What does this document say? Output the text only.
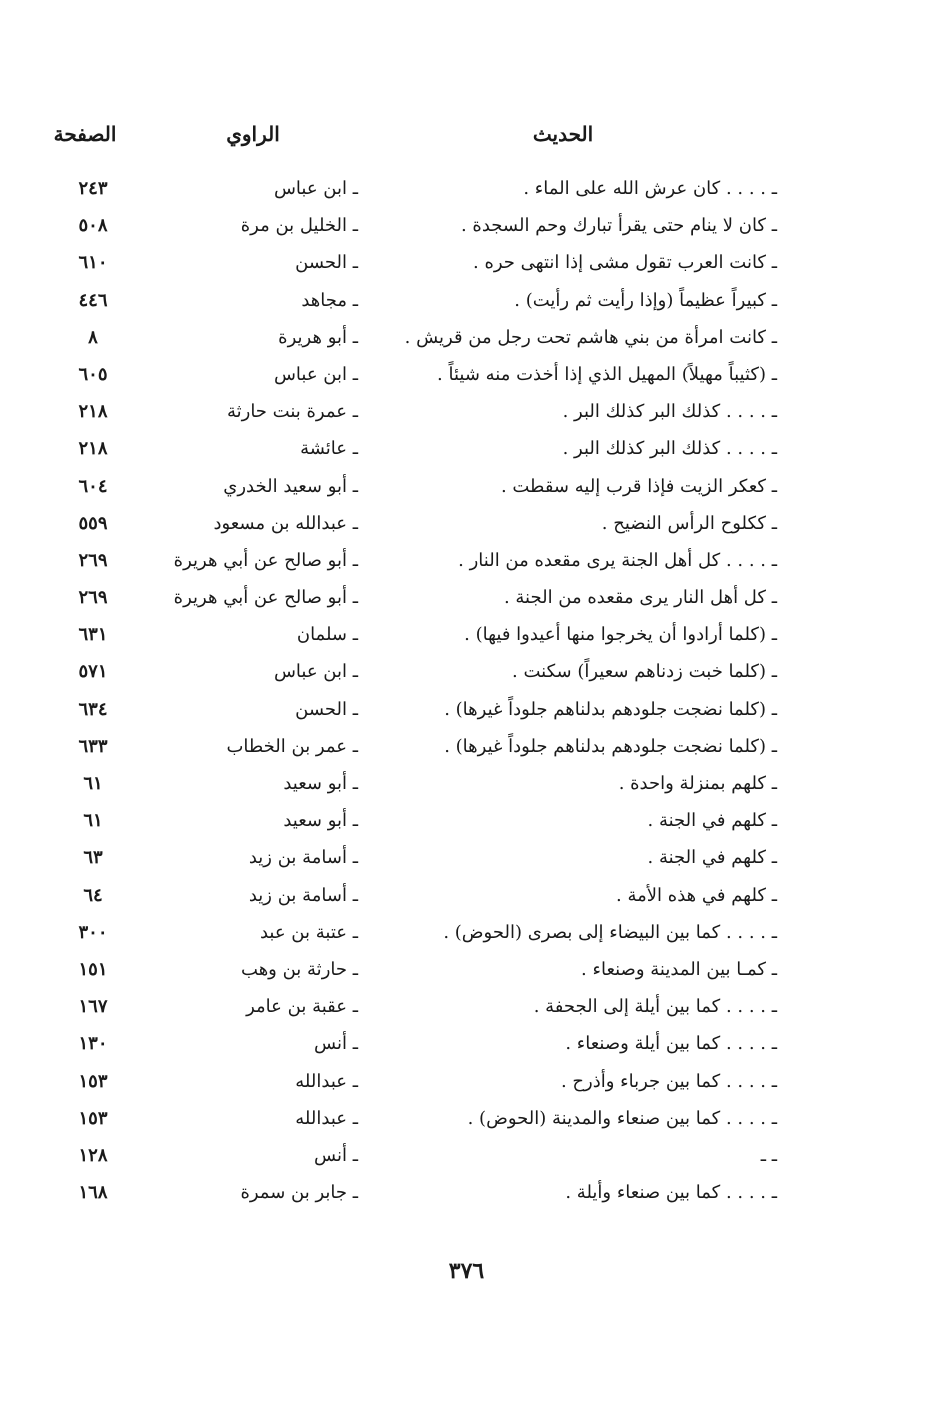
الحديث
الراوي
الصفحة
ـ . . . . كان عرش الله على الماء .
ـ ابن عباس
٢٤٣
ـ كان لا ينام حتى يقرأ تبارك وحم السجدة .
ـ الخليل بن مرة
٥٠٨
ـ كانت العرب تقول مشى إذا انتهى حره .
ـ الحسن
٦١٠
ـ كبيراً عظيماً (وإذا رأيت ثم رأيت) .
ـ مجاهد
٤٤٦
ـ كانت امرأة من بني هاشم تحت رجل من قريش .
ـ أبو هريرة
٨
ـ (كثيباً مهيلاً) المهيل الذي إذا أخذت منه شيئاً .
ـ ابن عباس
٦٠٥
ـ . . . . كذلك البر كذلك البر .
ـ عمرة بنت حارثة
٢١٨
ـ . . . . كذلك البر كذلك البر .
ـ عائشة
٢١٨
ـ كعكر الزيت فإذا قرب إليه سقطت .
ـ أبو سعيد الخدري
٦٠٤
ـ ككلوح الرأس النضيح .
ـ عبدالله بن مسعود
٥٥٩
ـ . . . . كل أهل الجنة يرى مقعده من النار .
ـ أبو صالح عن أبي هريرة
٢٦٩
ـ كل أهل النار يرى مقعده من الجنة .
ـ أبو صالح عن أبي هريرة
٢٦٩
ـ (كلما أرادوا أن يخرجوا منها أعيدوا فيها) .
ـ سلمان
٦٣١
ـ (كلما خبت زدناهم سعيراً) سكنت .
ـ ابن عباس
٥٧١
ـ (كلما نضجت جلودهم بدلناهم جلوداً غيرها) .
ـ الحسن
٦٣٤
ـ (كلما نضجت جلودهم بدلناهم جلوداً غيرها) .
ـ عمر بن الخطاب
٦٣٣
ـ كلهم بمنزلة واحدة .
ـ أبو سعيد
٦١
ـ كلهم في الجنة .
ـ أبو سعيد
٦١
ـ كلهم في الجنة .
ـ أسامة بن زيد
٦٣
ـ كلهم في هذه الأمة .
ـ أسامة بن زيد
٦٤
ـ . . . . كما بين البيضاء إلى بصرى (الحوض) .
ـ عتبة بن عبد
٣٠٠
ـ كمـا بين المدينة وصنعاء .
ـ حارثة بن وهب
١٥١
ـ . . . . كما بين أيلة إلى الجحفة .
ـ عقبة بن عامر
١٦٧
ـ . . . . كما بين أيلة وصنعاء .
ـ أنس
١٣٠
ـ . . . . كما بين جرباء وأذرح .
ـ عبدالله
١٥٣
ـ . . . . كما بين صنعاء والمدينة (الحوض) .
ـ عبدالله
١٥٣
ـ ـ
ـ أنس
١٢٨
ـ . . . . كما بين صنعاء وأيلة .
ـ جابر بن سمرة
١٦٨
٣٧٦
